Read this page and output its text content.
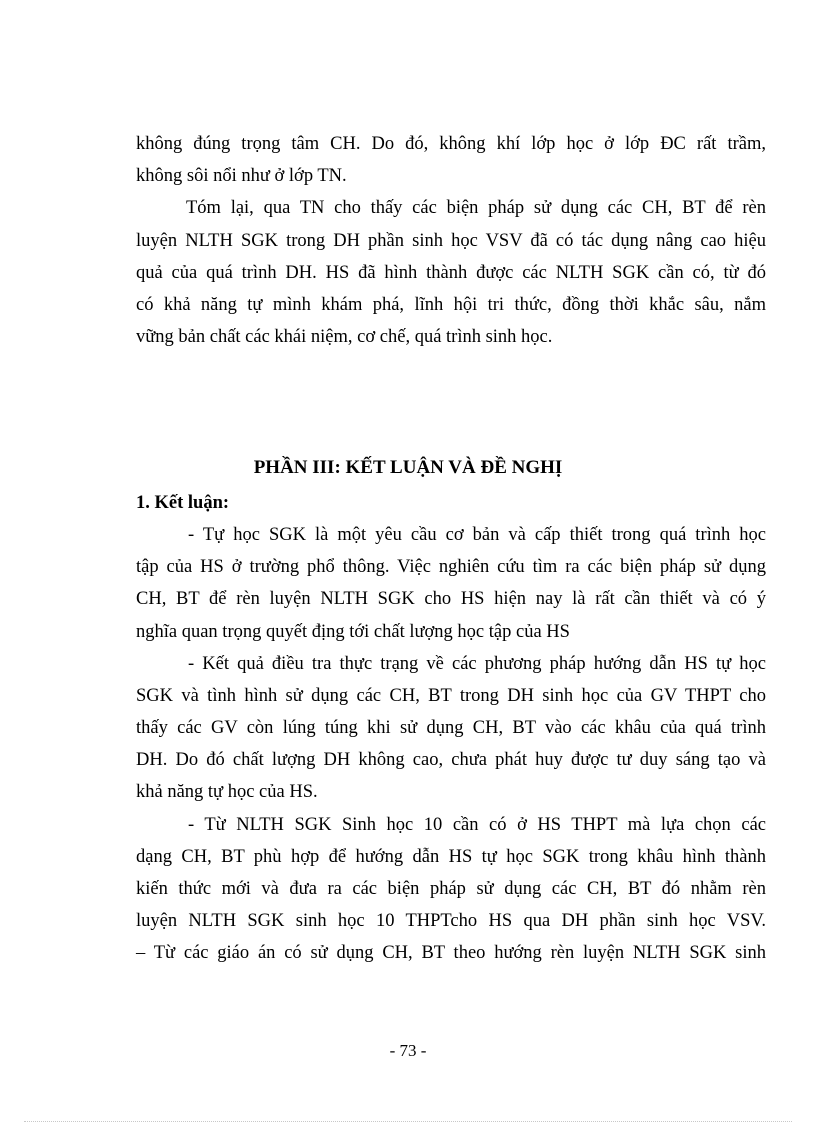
không đúng trọng tâm CH. Do đó, không khí lớp học ở lớp ĐC rất trầm,
không sôi nổi như ở lớp TN.
Tóm lại, qua TN cho thấy các biện pháp sử dụng các CH, BT để rèn
luyện NLTH SGK trong DH phần sinh học VSV đã có tác dụng nâng cao hiệu
quả của quá trình DH. HS đã hình thành được các NLTH SGK cần có, từ đó
có khả năng tự mình khám phá, lĩnh hội tri thức, đồng thời khắc sâu, nắm
vững bản chất các khái niệm, cơ chế, quá trình sinh học.
PHẦN III: KẾT LUẬN VÀ ĐỀ NGHỊ
1. Kết luận:
- Tự học SGK là một yêu cầu cơ bản và cấp thiết trong quá trình học
tập của HS ở trường phổ thông. Việc nghiên cứu tìm ra các biện pháp sử dụng
CH, BT để rèn luyện NLTH SGK cho HS hiện nay là rất cần thiết và có ý
nghĩa quan trọng quyết địng tới chất lượng học tập của HS
- Kết quả điều tra thực trạng về các phương pháp hướng dẫn HS tự học
SGK và tình hình sử dụng các CH, BT trong DH sinh học của GV THPT cho
thấy các GV còn lúng túng khi sử dụng CH, BT vào các khâu của quá trình
DH. Do đó chất lượng DH không cao, chưa phát huy được tư duy sáng tạo và
khả năng tự học của HS.
- Từ NLTH SGK Sinh học 10 cần có ở HS THPT mà lựa chọn các
dạng CH, BT phù hợp để hướng dẫn HS tự học SGK trong khâu hình thành
kiến thức mới và đưa ra các biện pháp sử dụng các CH, BT đó nhằm rèn
luyện NLTH SGK sinh học 10 THPTcho HS qua DH phần sinh học VSV.
– Từ các giáo án có sử dụng CH, BT theo hướng rèn luyện NLTH SGK sinh
- 73 -
